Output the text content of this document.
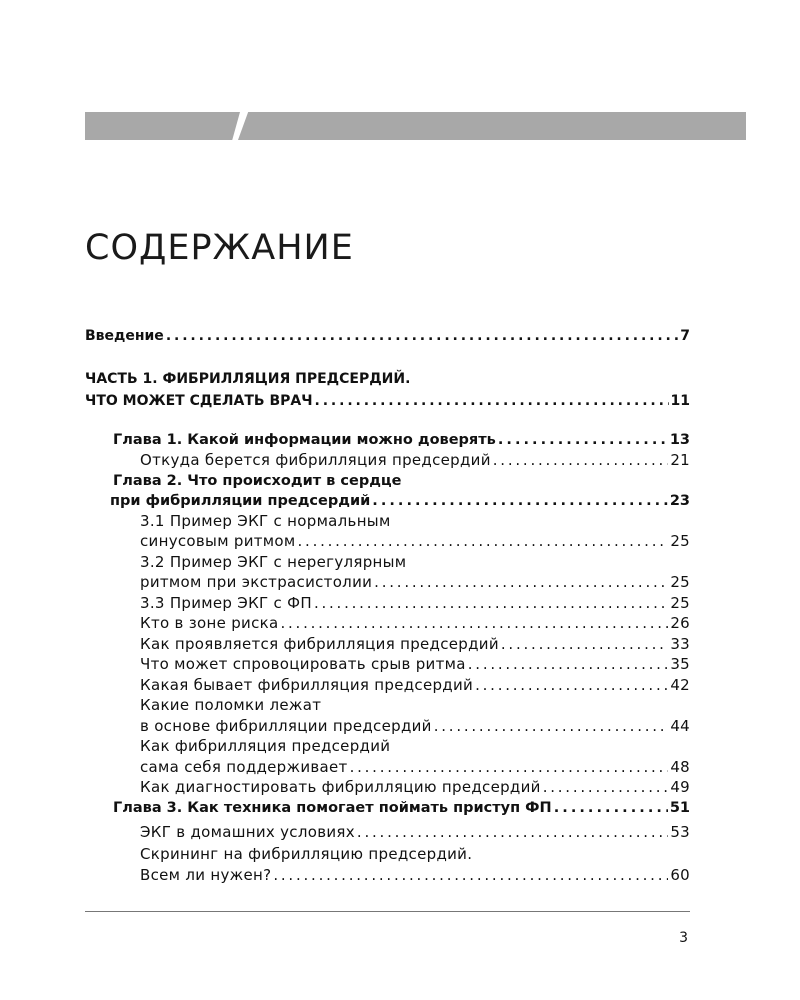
СОДЕРЖАНИЕ
Введение . . .	7
ЧАСТЬ 1. ФИБРИЛЛЯЦИЯ ПРЕДСЕРДИЙ.
ЧТО МОЖЕТ СДЕЛАТЬ ВРАЧ . . .	11
Глава 1. Какой информации можно доверять . . .	13
Откуда берется фибрилляция предсердий . . .	21
Глава 2. Что происходит в сердце
при фибрилляции предсердий . . .	23
3.1 Пример ЭКГ с нормальным
синусовым ритмом . . .	25
3.2 Пример ЭКГ с нерегулярным
ритмом при экстрасистолии . . .	25
3.3 Пример ЭКГ с ФП . . .	25
Кто в зоне риска . . .	26
Как проявляется фибрилляция предсердий . . .	33
Что может спровоцировать срыв ритма . . .	35
Какая бывает фибрилляция предсердий . . .	42
Какие поломки лежат
в основе фибрилляции предсердий . . .	44
Как фибрилляция предсердий
сама себя поддерживает . . .	48
Как диагностировать фибрилляцию предсердий . . .	49
Глава 3. Как техника помогает поймать приступ ФП . . .	51
ЭКГ в домашних условиях . . .	53
Скрининг на фибрилляцию предсердий.
Всем ли нужен? . . .	60
3
